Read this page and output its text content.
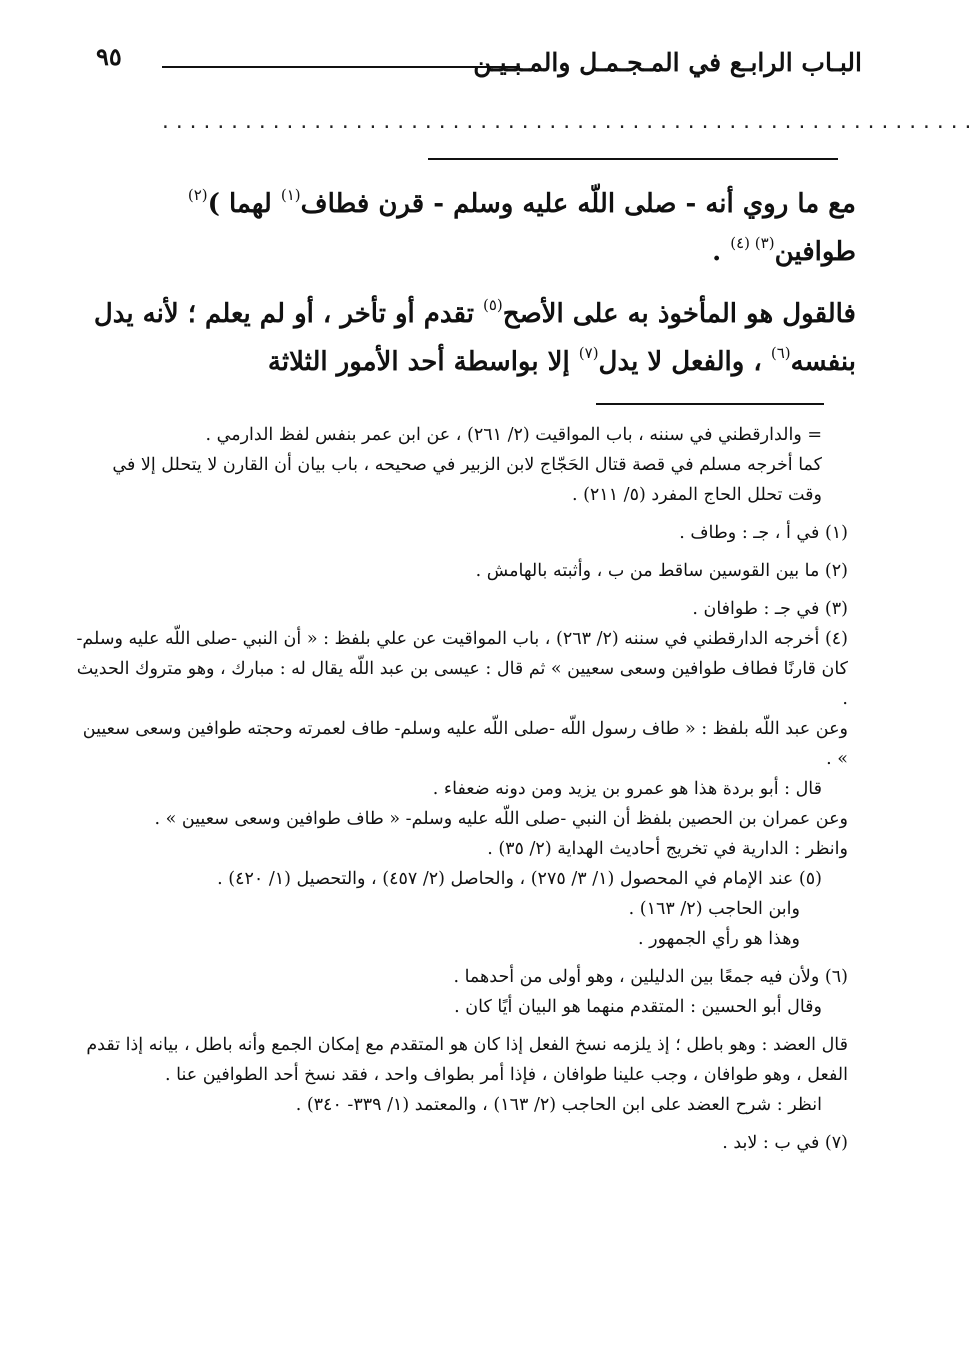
البـاب الرابـع في المـجـمـل والمـبـيـن
٩٥
...........................................................

مع ما روي أنه - صلى اللّه عليه وسلم - قرن فطاف$^{(١)}$ لهما )$^{(٢)}$ طوافين$^{(٣) (٤)}$ .

فالقول هو المأخوذ به على الأصح$^{(٥)}$ تقدم أو تأخر ، أو لم يعلم ؛ لأنه يدل بنفسه$^{(٦)}$ ، والفعل لا يدل$^{(٧)}$ إلا بواسطة أحد الأمور الثلاثة

= والدارقطني في سننه ، باب المواقيت (٢/ ٢٦١) ، عن ابن عمر بنفس لفظ الدارمي .

كما أخرجه مسلم في قصة قتال الحَجّاج لابن الزبير في صحيحه ، باب بيان أن القارن لا يتحلل إلا في وقت تحلل الحاج المفرد (٥/ ٢١١) .

(١) في أ ، جـ : وطاف .

(٢) ما بين القوسين ساقط من ب ، وأثبته بالهامش .

(٣) في جـ : طوافان .

(٤) أخرجه الدارقطني في سننه (٢/ ٢٦٣) ، باب المواقيت عن علي بلفظ : « أن النبي -صلى اللّه عليه وسلم- كان قارنًا فطاف طوافين وسعى سعيين » ثم قال : عيسى بن عبد اللّه يقال له : مبارك ، وهو متروك الحديث .

وعن عبد اللّه بلفظ : « طاف رسول اللّه -صلى اللّه عليه وسلم- طاف لعمرته وحجته طوافين وسعى سعيين » .

قال : أبو بردة هذا هو عمرو بن يزيد ومن دونه ضعفاء .

وعن عمران بن الحصين بلفظ أن النبي -صلى اللّه عليه وسلم- « طاف طوافين وسعى سعيين » .

وانظر : الدارية في تخريج أحاديث الهداية (٢/ ٣٥) .

(٥) عند الإمام في المحصول (١/ ٣/ ٢٧٥) ، والحاصل (٢/ ٤٥٧) ، والتحصيل (١/ ٤٢٠) .

وابن الحاجب (٢/ ١٦٣) .

وهذا هو رأي الجمهور .

(٦) ولأن فيه جمعًا بين الدليلين ، وهو أولى من أحدهما .

وقال أبو الحسين : المتقدم منهما هو البيان أيًا كان .

قال العضد : وهو باطل ؛ إذ يلزمه نسخ الفعل إذا كان هو المتقدم مع إمكان الجمع وأنه باطل ، بيانه إذا تقدم الفعل ، وهو طوافان ، وجب علينا طوافان ، فإذا أمر بطواف واحد ، فقد نسخ أحد الطوافين عنا .

انظر : شرح العضد على ابن الحاجب (٢/ ١٦٣) ، والمعتمد (١/ ٣٣٩- ٣٤٠) .

(٧) في ب : لابد .
